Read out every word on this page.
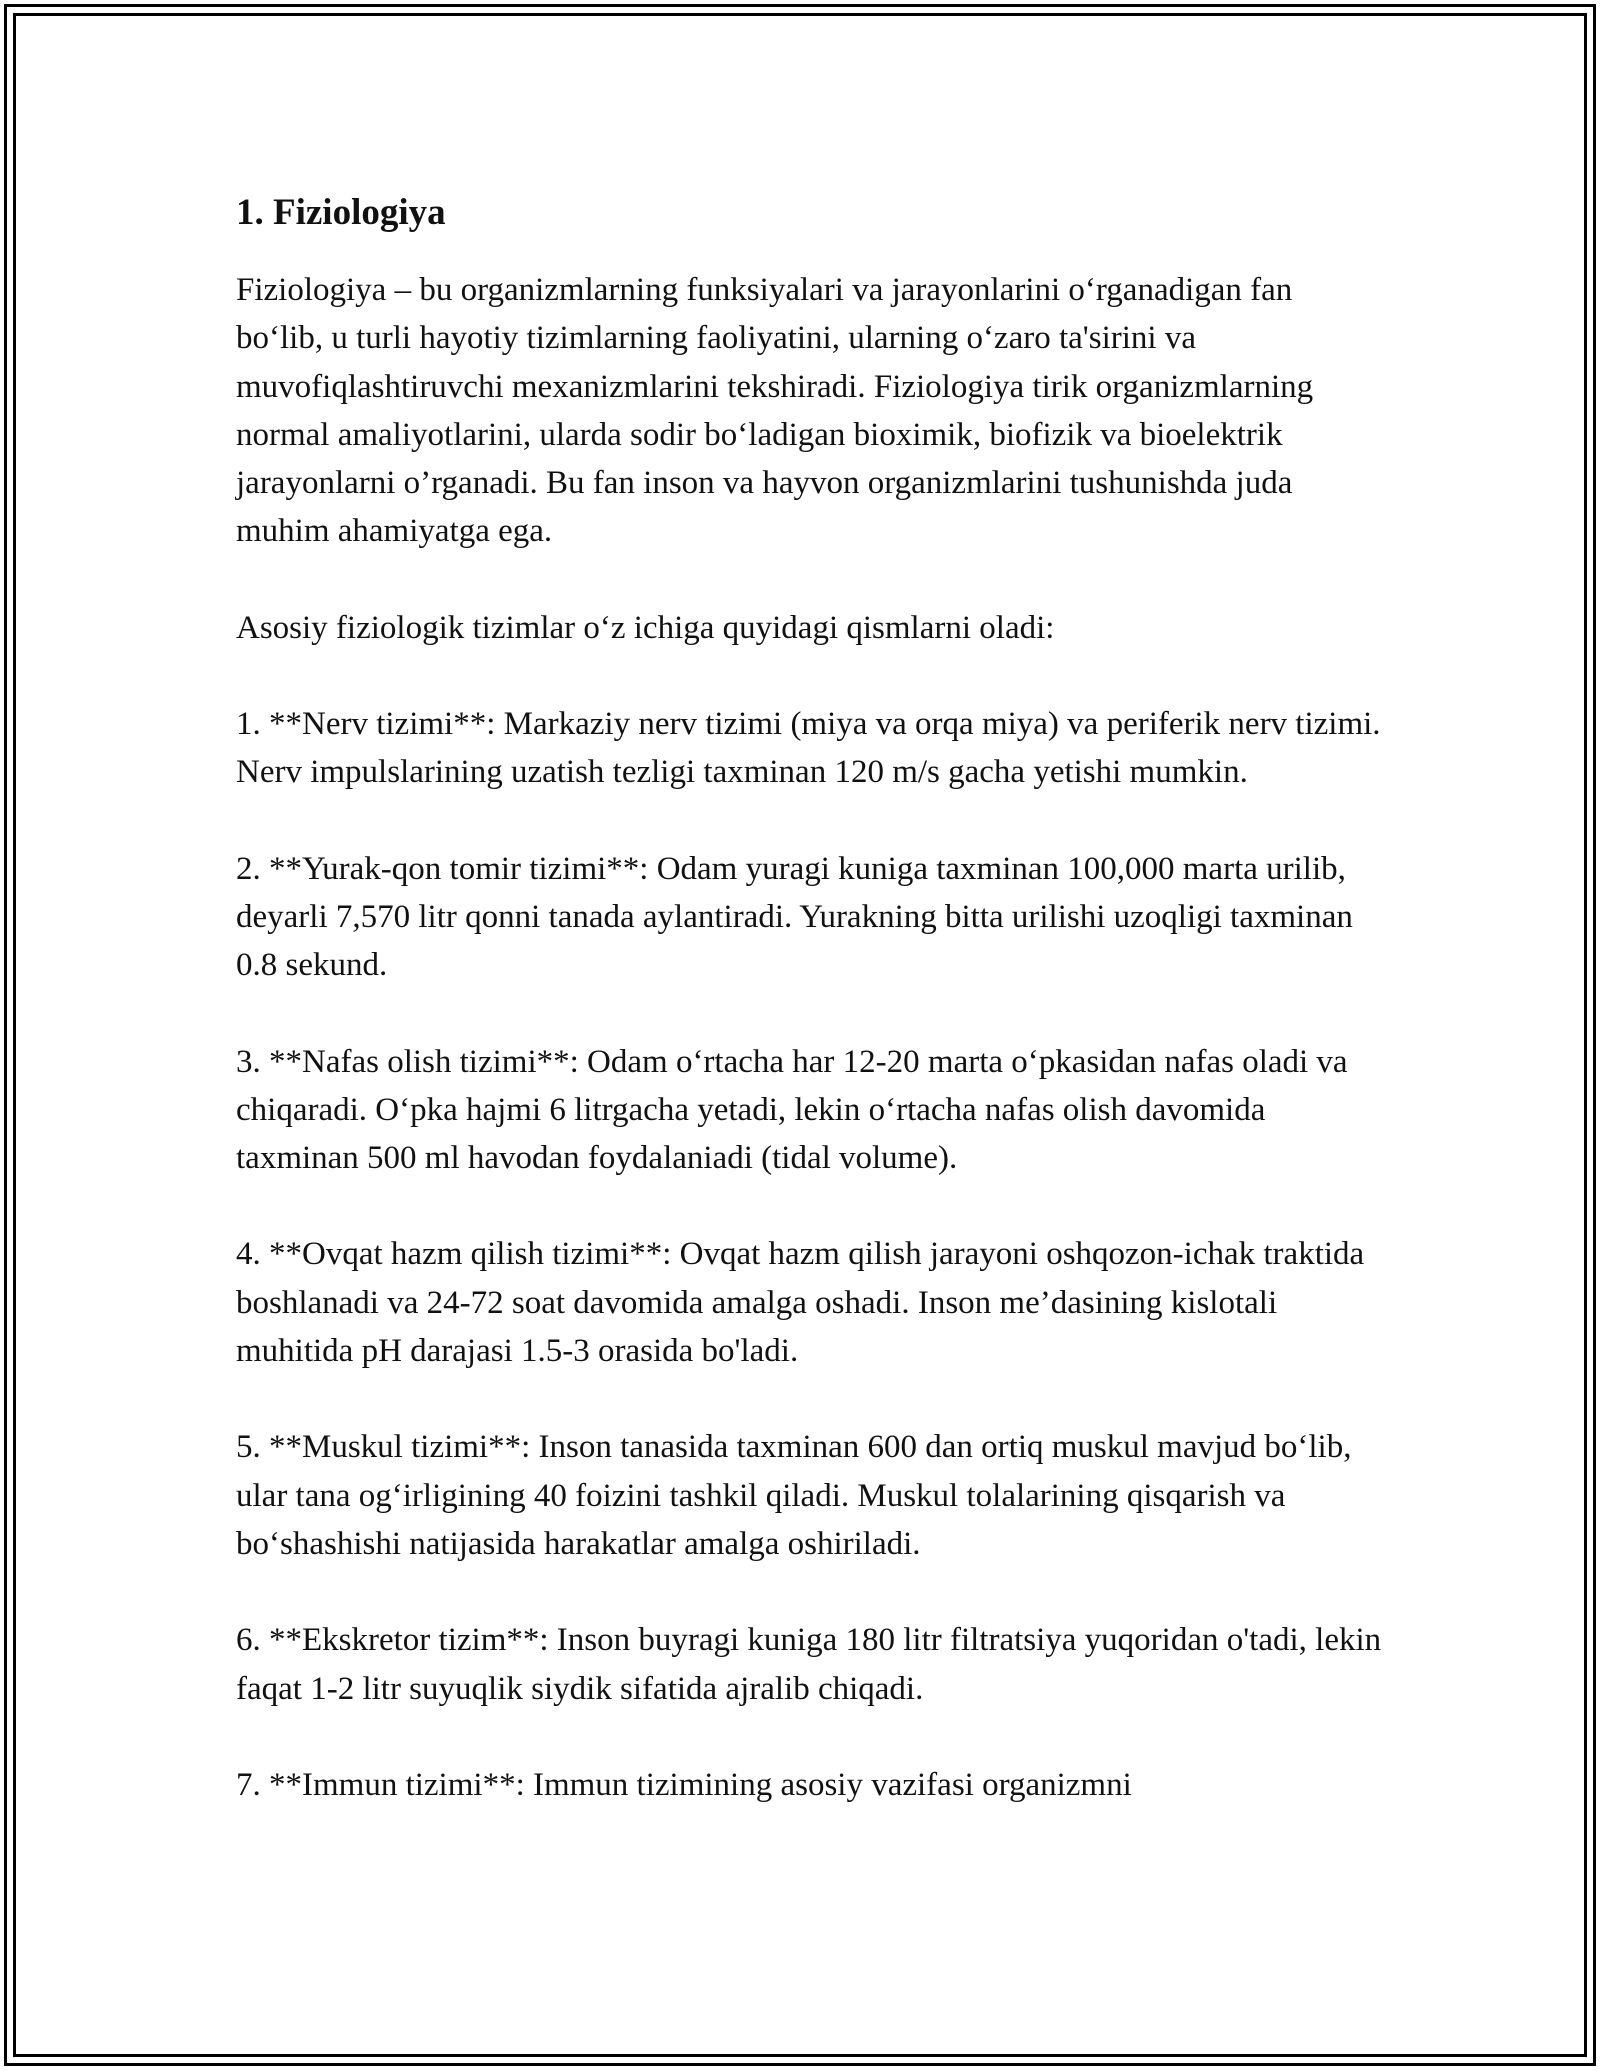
1. Fiziologiya

Fiziologiya – bu organizmlarning funksiyalari va jarayonlarini o‘rganadigan fan bo‘lib, u turli hayotiy tizimlarning faoliyatini, ularning o‘zaro ta'sirini va muvofiqlashtiruvchi mexanizmlarini tekshiradi. Fiziologiya tirik organizmlarning normal amaliyotlarini, ularda sodir bo‘ladigan bioximik, biofizik va bioelektrik jarayonlarni o’rganadi. Bu fan inson va hayvon organizmlarini tushunishda juda muhim ahamiyatga ega.

Asosiy fiziologik tizimlar o‘z ichiga quyidagi qismlarni oladi:

1. **Nerv tizimi**: Markaziy nerv tizimi (miya va orqa miya) va periferik nerv tizimi. Nerv impulslarining uzatish tezligi taxminan 120 m/s gacha yetishi mumkin.

2. **Yurak-qon tomir tizimi**: Odam yuragi kuniga taxminan 100,000 marta urilib, deyarli 7,570 litr qonni tanada aylantiradi. Yurakning bitta urilishi uzoqligi taxminan 0.8 sekund.

3. **Nafas olish tizimi**: Odam o‘rtacha har 12-20 marta o‘pkasidan nafas oladi va chiqaradi. O‘pka hajmi 6 litrgacha yetadi, lekin o‘rtacha nafas olish davomida taxminan 500 ml havodan foydalaniadi (tidal volume).

4. **Ovqat hazm qilish tizimi**: Ovqat hazm qilish jarayoni oshqozon-ichak traktida boshlanadi va 24-72 soat davomida amalga oshadi. Inson me’dasining kislotali muhitida pH darajasi 1.5-3 orasida bo'ladi.

5. **Muskul tizimi**: Inson tanasida taxminan 600 dan ortiq muskul mavjud bo‘lib, ular tana og‘irligining 40 foizini tashkil qiladi. Muskul tolalarining qisqarish va bo‘shashishi natijasida harakatlar amalga oshiriladi.

6. **Ekskretor tizim**: Inson buyragi kuniga 180 litr filtratsiya yuqoridan o'tadi, lekin faqat 1-2 litr suyuqlik siydik sifatida ajralib chiqadi.

7. **Immun tizimi**: Immun tizimining asosiy vazifasi organizmni
